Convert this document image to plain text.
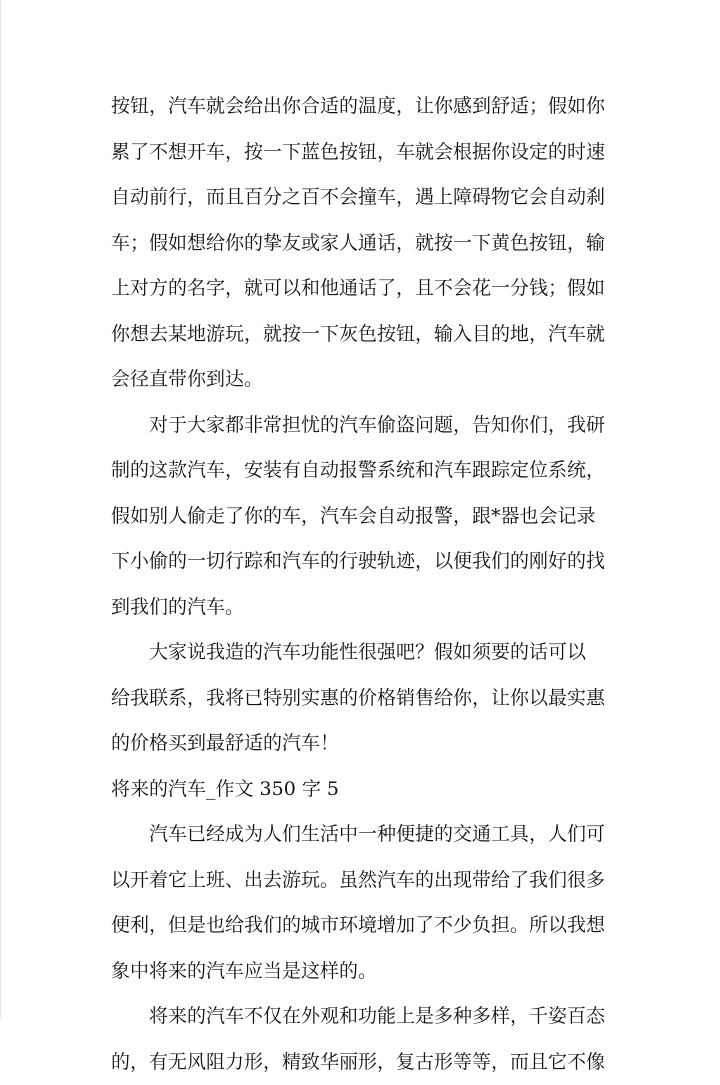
按钮，汽车就会给出你合适的温度，让你感到舒适；假如你
累了不想开车，按一下蓝色按钮，车就会根据你设定的时速
自动前行，而且百分之百不会撞车，遇上障碍物它会自动刹
车；假如想给你的挚友或家人通话，就按一下黄色按钮，输
上对方的名字，就可以和他通话了，且不会花一分钱；假如
你想去某地游玩，就按一下灰色按钮，输入目的地，汽车就
会径直带你到达。
对于大家都非常担忧的汽车偷盗问题，告知你们，我研
制的这款汽车，安装有自动报警系统和汽车跟踪定位系统，
假如别人偷走了你的车，汽车会自动报警，跟*器也会记录
下小偷的一切行踪和汽车的行驶轨迹，以便我们的刚好的找
到我们的汽车。
大家说我造的汽车功能性很强吧？假如须要的话可以
给我联系，我将已特别实惠的价格销售给你，让你以最实惠
的价格买到最舒适的汽车！
将来的汽车_作文 350 字 5
汽车已经成为人们生活中一种便捷的交通工具，人们可
以开着它上班、出去游玩。虽然汽车的出现带给了我们很多
便利，但是也给我们的城市环境增加了不少负担。所以我想
象中将来的汽车应当是这样的。
将来的汽车不仅在外观和功能上是多种多样，千姿百态
的，有无风阻力形，精致华丽形，复古形等等，而且它不像
